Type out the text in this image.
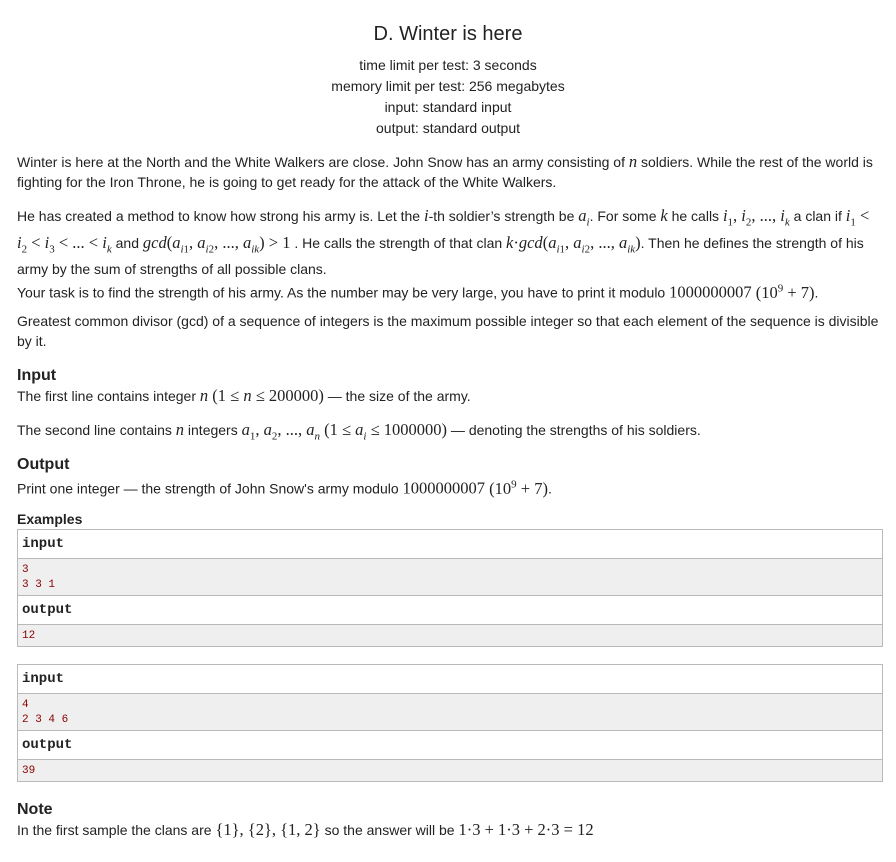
D. Winter is here
time limit per test: 3 seconds
memory limit per test: 256 megabytes
input: standard input
output: standard output
Winter is here at the North and the White Walkers are close. John Snow has an army consisting of n soldiers. While the rest of the world is fighting for the Iron Throne, he is going to get ready for the attack of the White Walkers.
He has created a method to know how strong his army is. Let the i-th soldier’s strength be $a_i$. For some k he calls $i_1$, $i_2$, ..., $i_k$ a clan if $i_1 < i_2 < i_3$ < ... < $i_k$ and $\gcd(a_{i1}$, $a_{i2}$, ..., $a_{ik}) > 1$ . He calls the strength of that clan $k\cdot\gcd(a_{i1}$, $a_{i2}$, ..., $a_{ik}$). Then he defines the strength of his army by the sum of strengths of all possible clans.
Your task is to find the strength of his army. As the number may be very large, you have to print it modulo 1000000007 $(10^9 + 7)$.
Greatest common divisor (gcd) of a sequence of integers is the maximum possible integer so that each element of the sequence is divisible by it.
Input
The first line contains integer n (1 ≤ n ≤ 200000) — the size of the army.
The second line contains n integers $a_1$, $a_2$, ..., $a_n$ $(1 \le a_i \le 1000000)$ — denoting the strengths of his soldiers.
Output
Print one integer — the strength of John Snow's army modulo 1000000007 $(10^9 + 7)$.
Examples
input
3
3 3 1
output
12
input
4
2 3 4 6
output
39
Note
In the first sample the clans are {1}, {2}, {1, 2} so the answer will be 1·3 + 1·3 + 2·3 = 12
